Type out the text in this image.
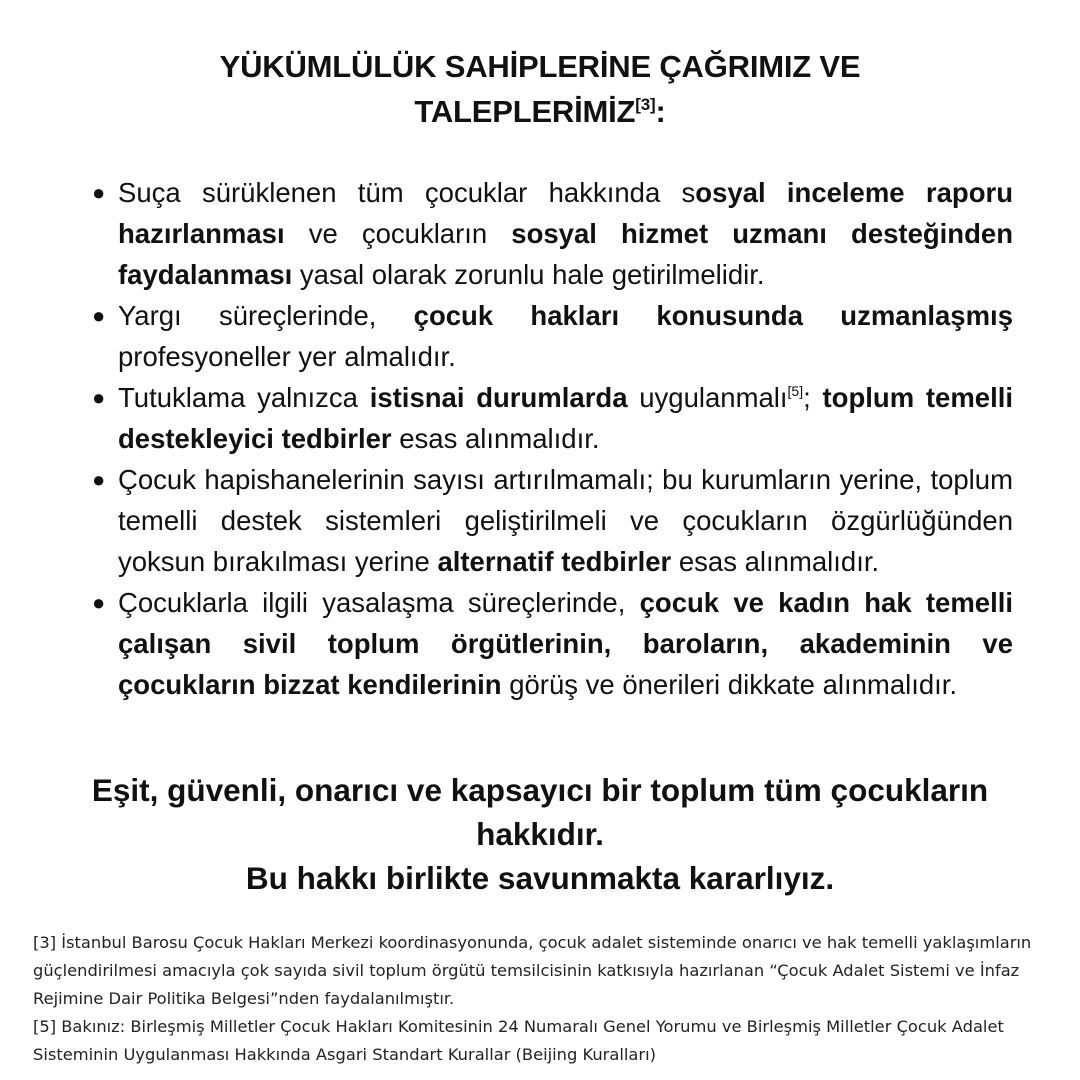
YÜKÜMLÜLÜK SAHİPLERİNE ÇAĞRIMIZ VE
TALEPLERİMİZ[3]:
● Suça sürüklenen tüm çocuklar hakkında sosyal inceleme raporu hazırlanması ve çocukların sosyal hizmet uzmanı desteğinden faydalanması yasal olarak zorunlu hale getirilmelidir.
● Yargı süreçlerinde, çocuk hakları konusunda uzmanlaşmış profesyoneller yer almalıdır.
● Tutuklama yalnızca istisnai durumlarda uygulanmalı[5]; toplum temelli destekleyici tedbirler esas alınmalıdır.
● Çocuk hapishanelerinin sayısı artırılmamalı; bu kurumların yerine, toplum temelli destek sistemleri geliştirilmeli ve çocukların özgürlüğünden yoksun bırakılması yerine alternatif tedbirler esas alınmalıdır.
● Çocuklarla ilgili yasalaşma süreçlerinde, çocuk ve kadın hak temelli çalışan sivil toplum örgütlerinin, baroların, akademinin ve çocukların bizzat kendilerinin görüş ve önerileri dikkate alınmalıdır.
Eşit, güvenli, onarıcı ve kapsayıcı bir toplum tüm çocukların hakkıdır.
Bu hakkı birlikte savunmakta kararlıyız.

[3] İstanbul Barosu Çocuk Hakları Merkezi koordinasyonunda, çocuk adalet sisteminde onarıcı ve hak temelli yaklaşımların güçlendirilmesi amacıyla çok sayıda sivil toplum örgütü temsilcisinin katkısıyla hazırlanan “Çocuk Adalet Sistemi ve İnfaz Rejimine Dair Politika Belgesi”nden faydalanılmıştır.

[5] Bakınız: Birleşmiş Milletler Çocuk Hakları Komitesinin 24 Numaralı Genel Yorumu ve Birleşmiş Milletler Çocuk Adalet Sisteminin Uygulanması Hakkında Asgari Standart Kurallar (Beijing Kuralları)
